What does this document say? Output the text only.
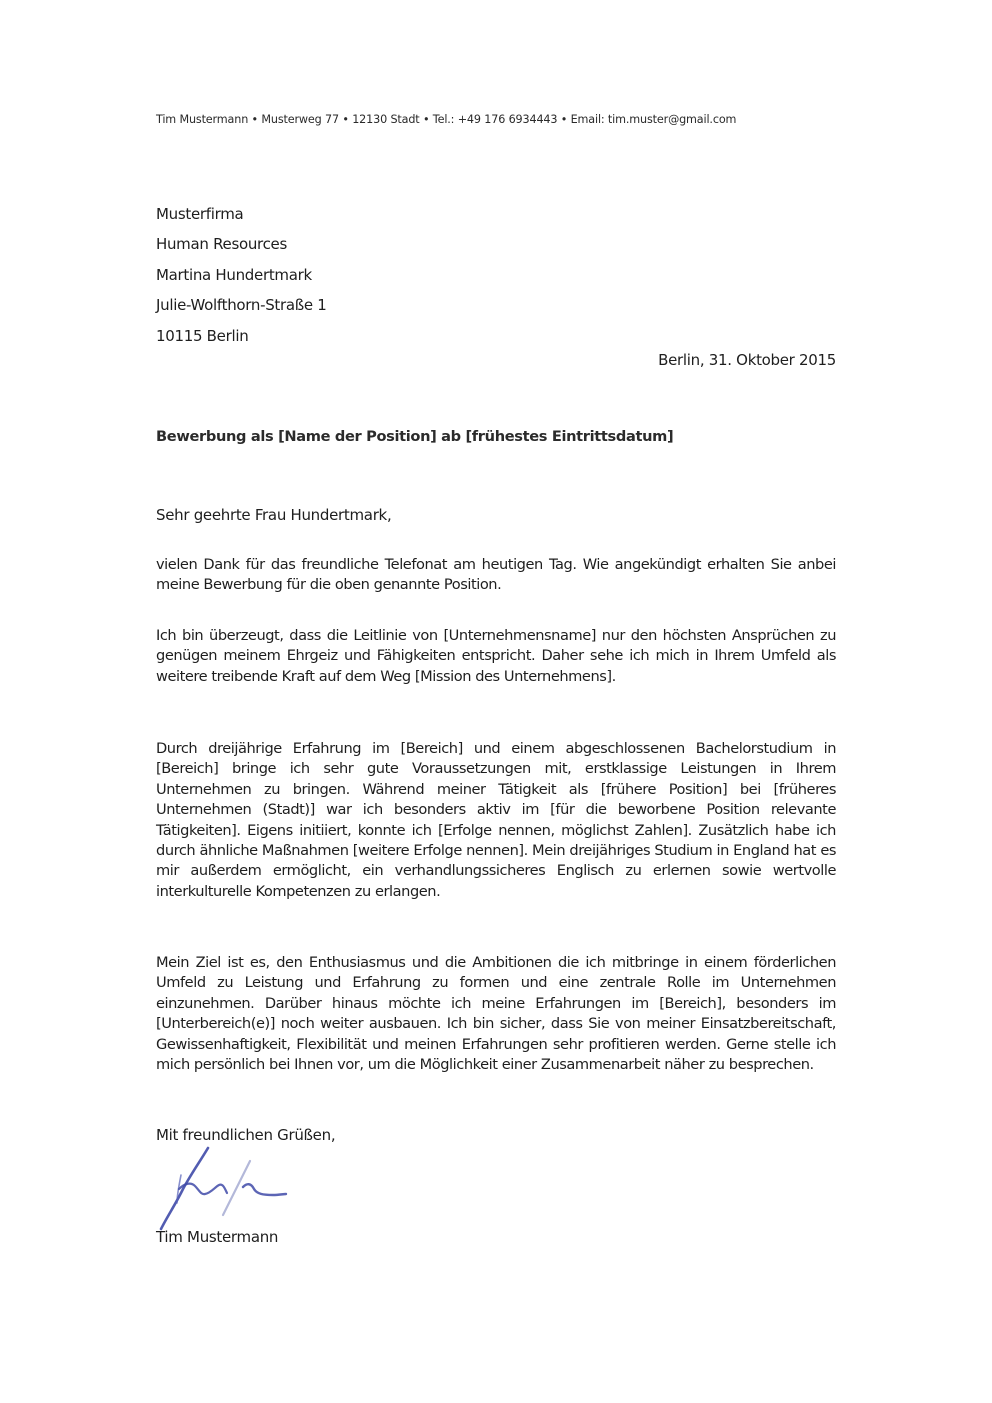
Tim Mustermann • Musterweg 77 • 12130 Stadt • Tel.: +49 176 6934443 • Email: tim.muster@gmail.com
Musterfirma
Human Resources
Martina Hundertmark
Julie-Wolfthorn-Straße 1
10115 Berlin
Berlin, 31. Oktober 2015
Bewerbung als [Name der Position] ab [frühestes Eintrittsdatum]
Sehr geehrte Frau Hundertmark,

vielen Dank für das freundliche Telefonat am heutigen Tag. Wie angekündigt erhalten Sie anbei meine Bewerbung für die oben genannte Position.

Ich bin überzeugt, dass die Leitlinie von [Unternehmensname] nur den höchsten Ansprüchen zu genügen meinem Ehrgeiz und Fähigkeiten entspricht. Daher sehe ich mich in Ihrem Umfeld als weitere treibende Kraft auf dem Weg [Mission des Unternehmens].

Durch dreijährige Erfahrung im [Bereich] und einem abgeschlossenen Bachelorstudium in [Bereich] bringe ich sehr gute Voraussetzungen mit, erstklassige Leistungen in Ihrem Unternehmen zu bringen. Während meiner Tätigkeit als [frühere Position] bei [früheres Unternehmen (Stadt)] war ich besonders aktiv im [für die beworbene Position relevante Tätigkeiten]. Eigens initiiert, konnte ich [Erfolge nennen, möglichst Zahlen]. Zusätzlich habe ich durch ähnliche Maßnahmen [weitere Erfolge nennen]. Mein dreijähriges Studium in England hat es mir außerdem ermöglicht, ein verhandlungssicheres Englisch zu erlernen sowie wertvolle interkulturelle Kompetenzen zu erlangen.

Mein Ziel ist es, den Enthusiasmus und die Ambitionen die ich mitbringe in einem förderlichen Umfeld zu Leistung und Erfahrung zu formen und eine zentrale Rolle im Unternehmen einzunehmen. Darüber hinaus möchte ich meine Erfahrungen im [Bereich], besonders im [Unterbereich(e)] noch weiter ausbauen. Ich bin sicher, dass Sie von meiner Einsatzbereitschaft, Gewissenhaftigkeit, Flexibilität und meinen Erfahrungen sehr profitieren werden. Gerne stelle ich mich persönlich bei Ihnen vor, um die Möglichkeit einer Zusammenarbeit näher zu besprechen.

Mit freundlichen Grüßen,
Tim Mustermann
